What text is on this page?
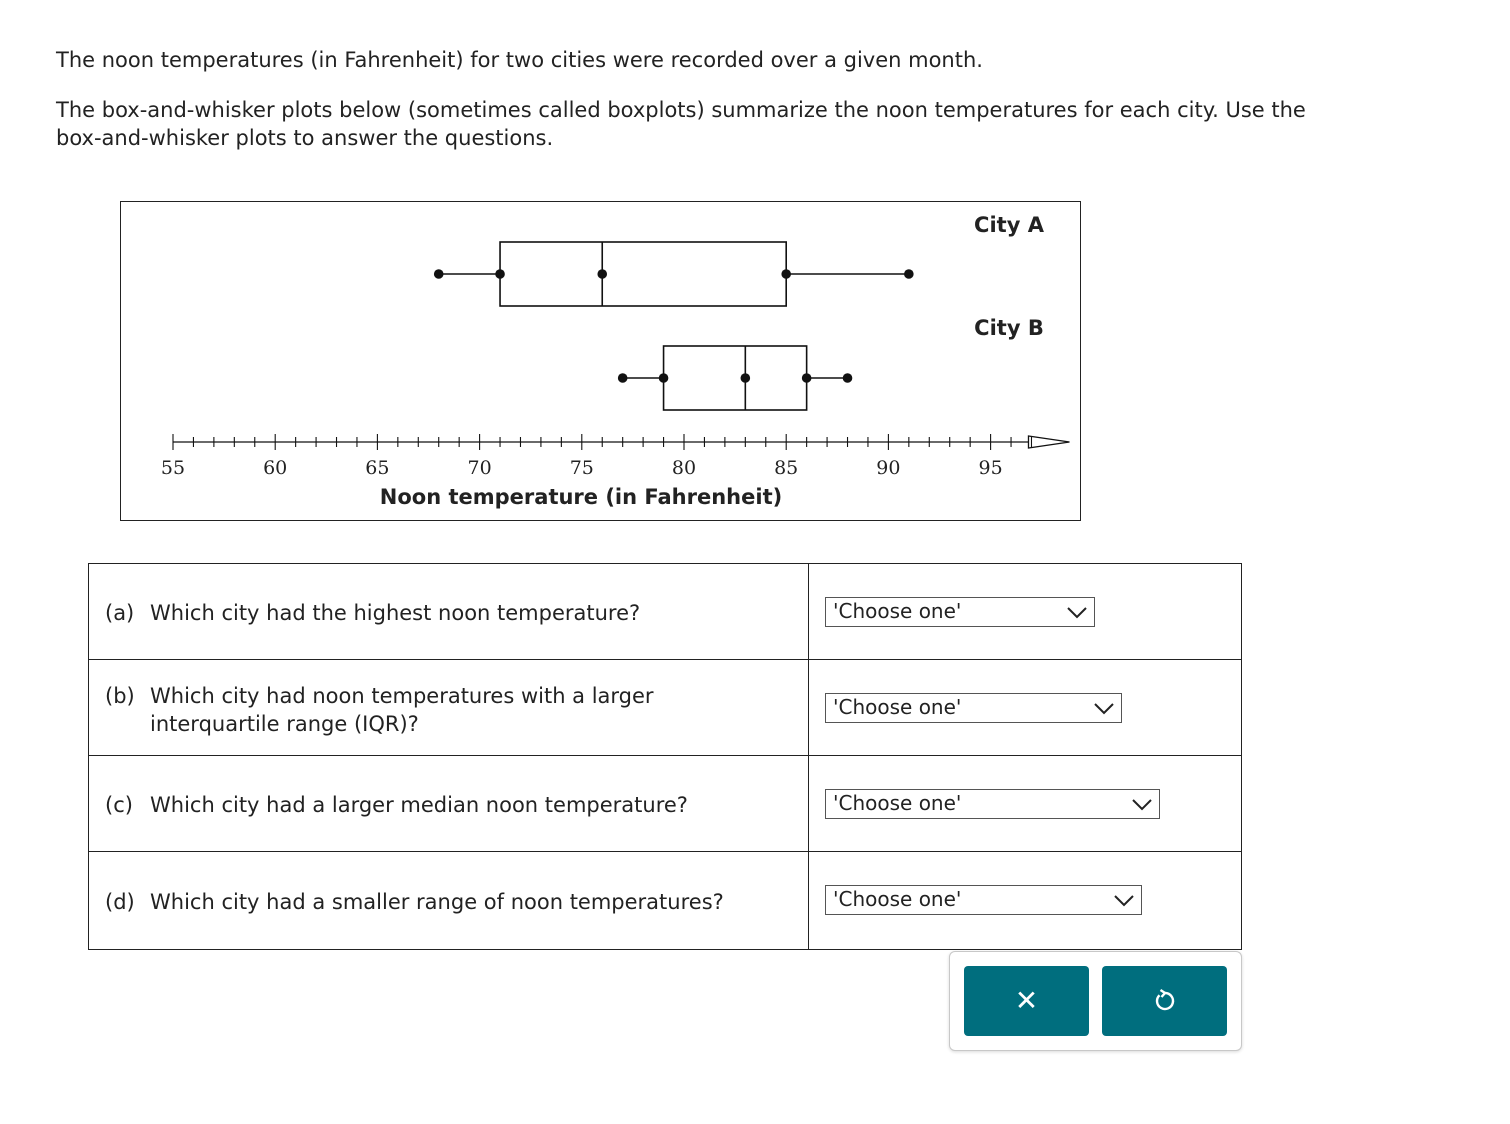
The noon temperatures (in Fahrenheit) for two cities were recorded over a given month.
The box-and-whisker plots below (sometimes called boxplots) summarize the noon temperatures for each city. Use the box-and-whisker plots to answer the questions.
55	60	65	70	75	80	85	90	95
Noon temperature (in Fahrenheit)
City A
City B
(a) Which city had the highest noon temperature?	'Choose one'
(b) Which city had noon temperatures with a larger
interquartile range (IQR)?
'Choose one'
(c) Which city had a larger median noon temperature?	'Choose one'
(d) Which city had a smaller range of noon temperatures?	'Choose one'
✕
